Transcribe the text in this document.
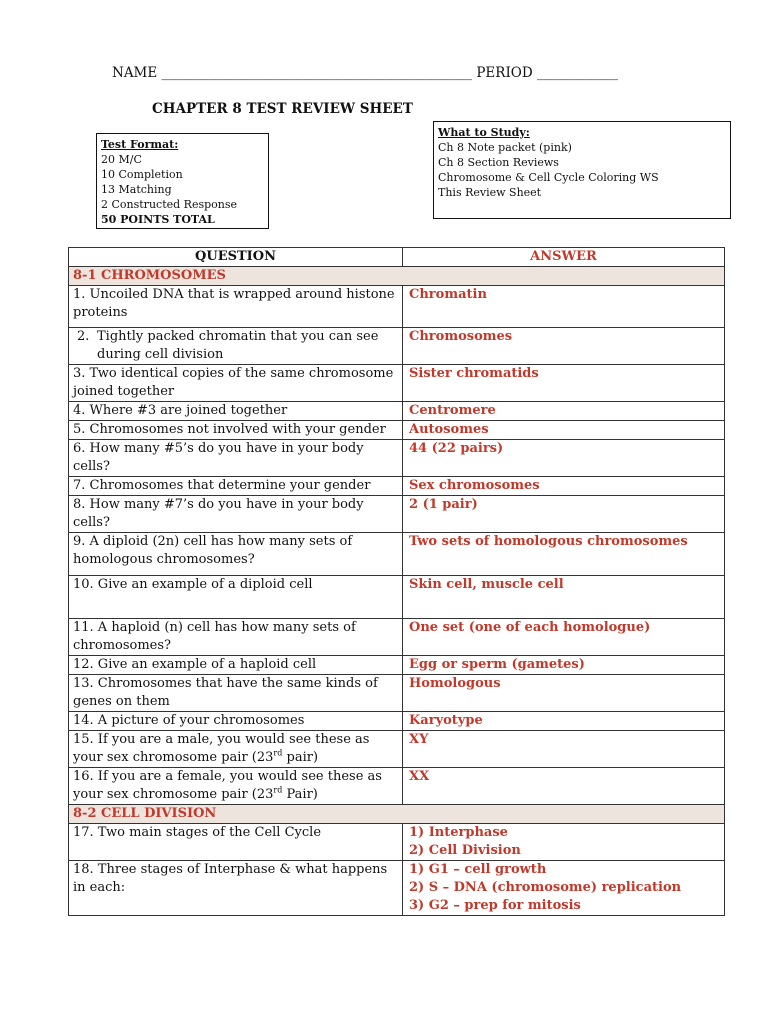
NAME ______________________________________________ PERIOD ____________
CHAPTER 8 TEST REVIEW SHEET
Test Format:
20 M/C
10 Completion
13 Matching
2 Constructed Response
50 POINTS TOTAL
What to Study:
Ch 8 Note packet (pink)
Ch 8 Section Reviews
Chromosome & Cell Cycle Coloring WS
This Review Sheet
QUESTION	ANSWER
8-1 CHROMOSOMES	
1. Uncoiled DNA that is wrapped around histone proteins	Chromatin
2. Tightly packed chromatin that you can see during cell division	Chromosomes
3. Two identical copies of the same chromosome joined together	Sister chromatids
4. Where #3 are joined together	Centromere
5. Chromosomes not involved with your gender	Autosomes
6. How many #5’s do you have in your body cells?	44 (22 pairs)
7. Chromosomes that determine your gender	Sex chromosomes
8. How many #7’s do you have in your body cells?	2 (1 pair)
9. A diploid (2n) cell has how many sets of homologous chromosomes?	Two sets of homologous chromosomes
10. Give an example of a diploid cell	Skin cell, muscle cell
11. A haploid (n) cell has how many sets of chromosomes?	One set (one of each homologue)
12. Give an example of a haploid cell	Egg or sperm (gametes)
13. Chromosomes that have the same kinds of genes on them	Homologous
14. A picture of your chromosomes	Karyotype
15. If you are a male, you would see these as your sex chromosome pair (23rd pair)	XY
16. If you are a female, you would see these as your sex chromosome pair (23rd Pair)	XX
8-2 CELL DIVISION	
17. Two main stages of the Cell Cycle	1) Interphase
2) Cell Division

18. Three stages of Interphase & what happens in each:	1) G1 – cell growth
2) S – DNA (chromosome) replication
3) G2 – prep for mitosis
